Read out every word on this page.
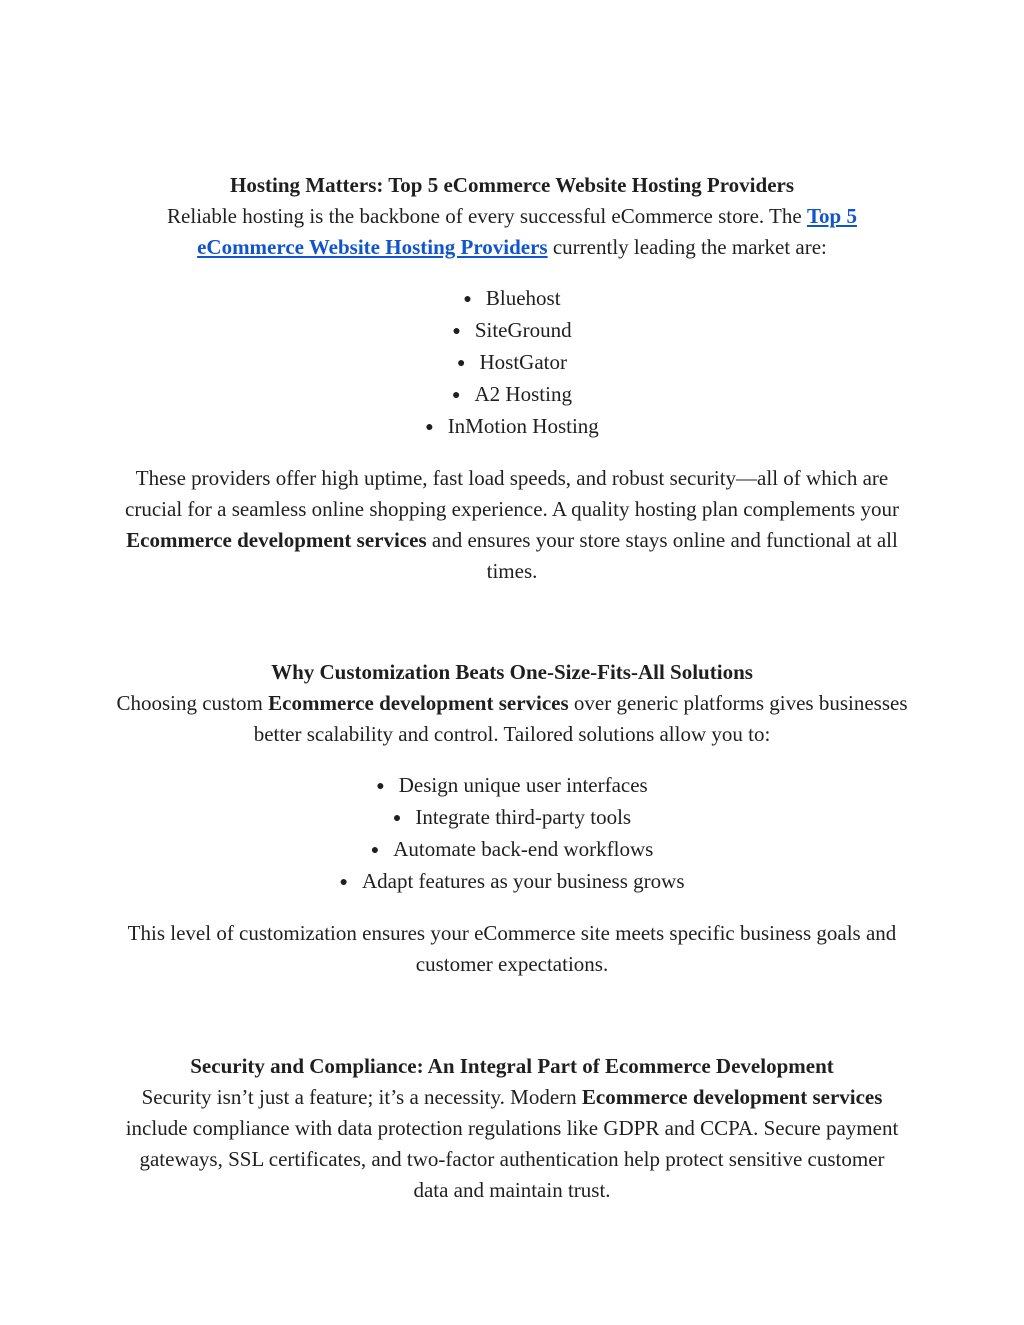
Hosting Matters: Top 5 eCommerce Website Hosting Providers

Reliable hosting is the backbone of every successful eCommerce store. The Top 5 eCommerce Website Hosting Providers currently leading the market are:

● Bluehost
● SiteGround
● HostGator
● A2 Hosting
● InMotion Hosting

These providers offer high uptime, fast load speeds, and robust security—all of which are crucial for a seamless online shopping experience. A quality hosting plan complements your Ecommerce development services and ensures your store stays online and functional at all times.

Why Customization Beats One-Size-Fits-All Solutions

Choosing custom Ecommerce development services over generic platforms gives businesses better scalability and control. Tailored solutions allow you to:

● Design unique user interfaces
● Integrate third-party tools
● Automate back-end workflows
● Adapt features as your business grows

This level of customization ensures your eCommerce site meets specific business goals and customer expectations.

Security and Compliance: An Integral Part of Ecommerce Development

Security isn’t just a feature; it’s a necessity. Modern Ecommerce development services include compliance with data protection regulations like GDPR and CCPA. Secure payment gateways, SSL certificates, and two-factor authentication help protect sensitive customer data and maintain trust.
